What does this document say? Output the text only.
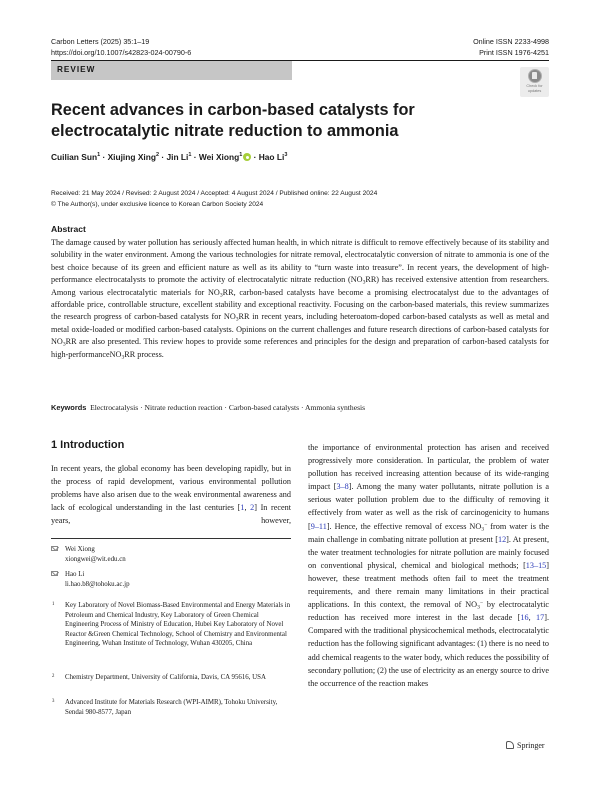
Carbon Letters (2025) 35:1–19
https://doi.org/10.1007/s42823-024-00790-6
Online ISSN 2233-4998
Print ISSN 1976-4251
REVIEW
Check for
updates
Recent advances in carbon-based catalysts for electrocatalytic nitrate reduction to ammonia
Cuilian Sun$^1$ · Xiujing Xing$^2$ · Jin $Li^1$ · Wei Xiong$^1$ · Hao Li$^3$
Received: 21 May 2024 / Revised: 2 August 2024 / Accepted: 4 August 2024 / Published online: 22 August 2024
© The Author(s), under exclusive licence to Korean Carbon Society 2024
Abstract
The damage caused by water pollution has seriously affected human health, in which nitrate is difficult to remove effectively because of its stability and solubility in the water environment. Among the various technologies for nitrate removal, electrocatalytic conversion of nitrate to ammonia is one of the best choice because of its green and efficient nature as well as its ability to “turn waste into treasure”. In recent years, the development of high-performance electrocatalysts to promote the activity of electrocatalytic nitrate reduction $(NO_3RR)$ has received extensive attention from researchers. Among various electrocatalytic materials for $NO_3RR$, carbon-based catalysts have become a promising electrocatalyst due to the advantages of affordable price, controllable structure, excellent stability and exceptional reactivity. Focusing on the carbon-based materials, this review summarizes the research progress of carbon-based catalysts for $NO_3RR$ in recent years, including heteroatom-doped carbon-based catalysts as well as metal and metal oxide-loaded or modified carbon-based catalysts. Opinions on the current challenges and future research directions of carbon-based catalysts for $NO_3RR$ are also presented. This review hopes to provide some references and principles for the design and preparation of carbon-based catalysts for high-performanceNO$_3$RR process.
Keywords Electrocatalysis · Nitrate reduction reaction · Carbon-based catalysts · Ammonia synthesis
1 Introduction

In recent years, the global economy has been developing rapidly, but in the process of rapid development, various environmental pollution problems have also arisen due to the weak environmental awareness and lack of ecological understanding in the last centuries [1, 2] In recent years, however,

the importance of environmental protection has arisen and received progressively more consideration. In particular, the problem of water pollution has received increasing attention because of its wide-ranging impact [3–8]. Among the many water pollutants, nitrate pollution is a serious water pollution problem due to the difficulty of removing it effectively from water as well as the risk of carcinogenicity to humans [9–11]. Hence, the effective removal of excess $NO_3^-$ from water is the main challenge in combating nitrate pollution at present [12]. At present, the water treatment technologies for nitrate pollution are mainly focused on conventional physical, chemical and biological methods; [13–15] however, these treatment methods often fail to meet the treatment requirements, and there remain many limitations in their practical applications. In this context, the removal of $NO_3^-$ by electrocatalytic reduction has received more interest in the last decade [16, 17]. Compared with the traditional physicochemical methods, electrocatalytic reduction has the following significant advantages: (1) there is no need to add chemical reagents to the water body, which reduces the possibility of secondary pollution; (2) the use of electricity as an energy source to drive the occurrence of the reaction makes

Wei Xiong
xiongwei@wit.edu.cn
Hao Li
li.hao.b8@tohoku.ac.jp
1 Key Laboratory of Novel Biomass-Based Environmental and Energy Materials in Petroleum and Chemical Industry, Key Laboratory of Green Chemical Engineering Process of Ministry of Education, Hubei Key Laboratory of Novel Reactor &Green Chemical Technology, School of Chemistry and Environmental Engineering, Wuhan Institute of Technology, Wuhan 430205, China
2 Chemistry Department, University of California, Davis, CA 95616, USA
3 Advanced Institute for Materials Research (WPI-AIMR), Tohoku University, Sendai 980-8577, Japan
Springer
